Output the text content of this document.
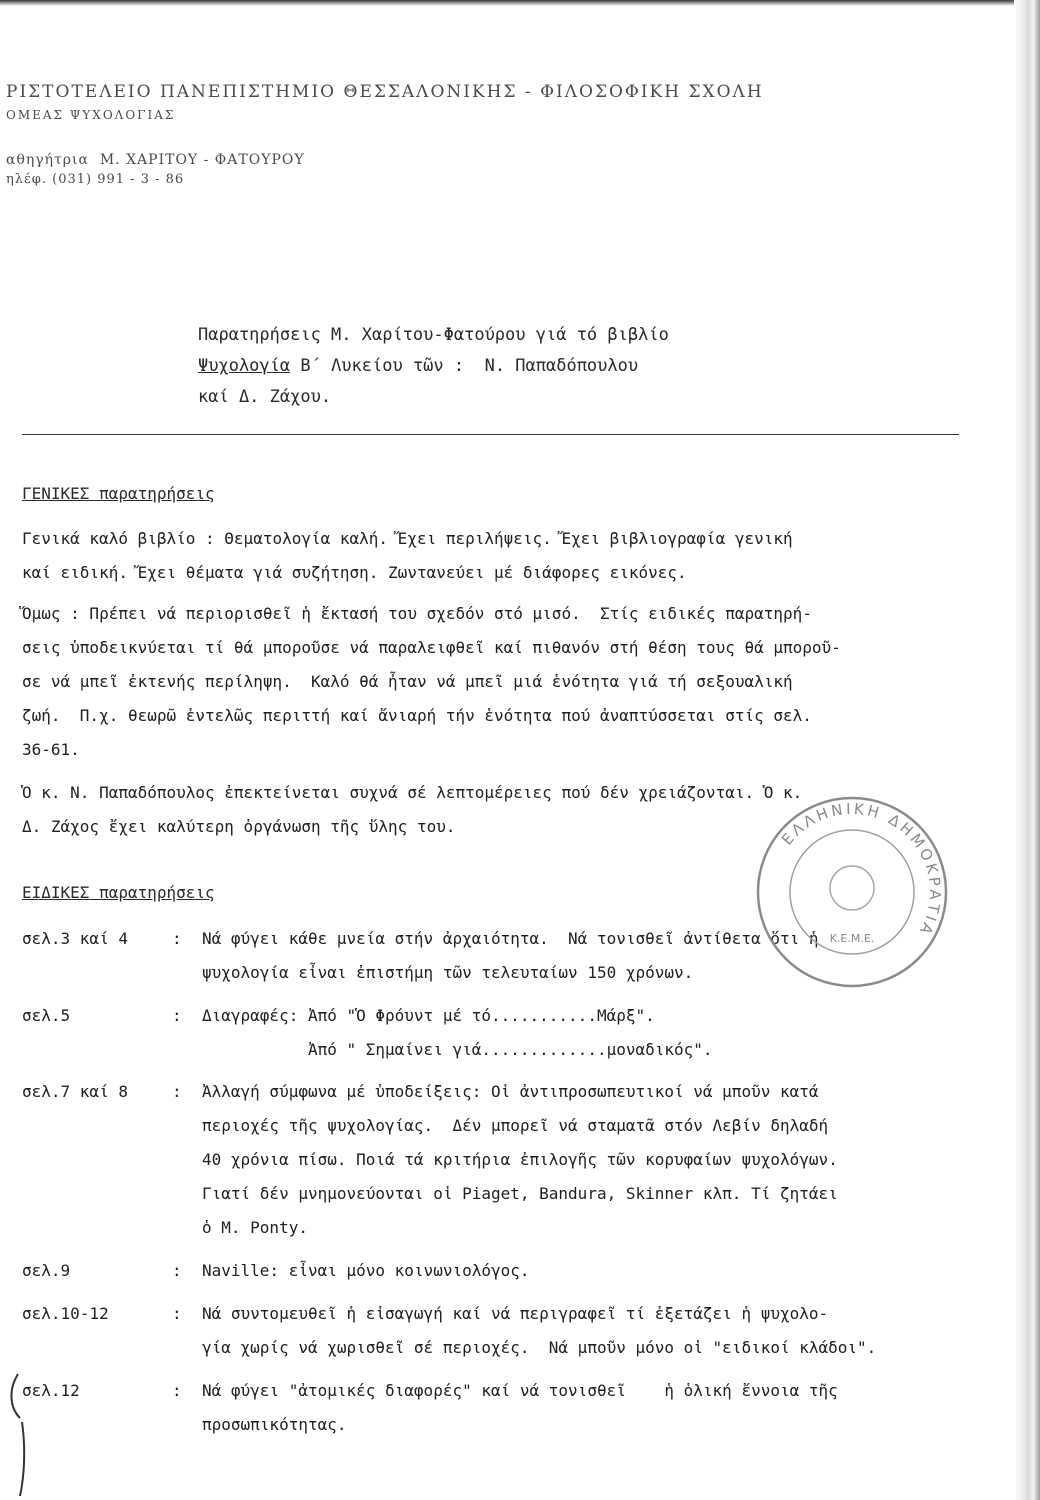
ΡΙΣΤΟΤΕΛΕΙΟ ΠΑΝΕΠΙΣΤΗΜΙΟ ΘΕΣΣΑΛΟΝΙΚΗΣ - ΦΙΛΟΣΟΦΙΚΗ ΣΧΟΛΗ
ΟΜΕΑΣ ΨΥΧΟΛΟΓΙΑΣ
αθηγήτρια  Μ. ΧΑΡΙΤΟΥ - ΦΑΤΟΥΡΟΥ
ηλέφ. (031) 991 - 3 - 86
Παρατηρήσεις Μ. Χαρίτου-Φατούρου γιά τό βιβλίο
Ψυχολογία Β΄ Λυκείου τῶν :  Ν. Παπαδόπουλου
καί Δ. Ζάχου.
ΓΕΝΙΚΕΣ παρατηρήσεις
Γενικά καλό βιβλίο : Θεματολογία καλή. Ἔχει περιλήψεις. Ἔχει βιβλιογραφία γενική
καί ειδική. Ἔχει θέματα γιά συζήτηση. Ζωντανεύει μέ διάφορες εικόνες.
Ὅμως : Πρέπει νά περιορισθεῖ ἡ ἔκτασή του σχεδόν στό μισό.  Στίς ειδικές παρατηρή-
σεις ὑποδεικνύεται τί θά μποροῦσε νά παραλειφθεῖ καί πιθανόν στή θέση τους θά μποροῦ-
σε νά μπεῖ ἐκτενής περίληψη.  Καλό θά ἦταν νά μπεῖ μιά ἑνότητα γιά τή σεξουαλική
ζωή.  Π.χ. θεωρῶ ἐντελῶς περιττή καί ἄνιαρή τήν ἑνότητα πού ἀναπτύσσεται στίς σελ.
36-61.
Ὁ κ. Ν. Παπαδόπουλος ἐπεκτείνεται συχνά σέ λεπτομέρειες πού δέν χρειάζονται. Ὁ κ.
Δ. Ζάχος ἔχει καλύτερη ὀργάνωση τῆς ὕλης του.
ΕΙΔΙΚΕΣ παρατηρήσεις
σελ.3 καί 4	: Νά φύγει κάθε μνεία στήν ἀρχαιότητα.  Νά τονισθεῖ ἀντίθετα ὅτι ἡ
ψυχολογία εἶναι ἐπιστήμη τῶν τελευταίων 150 χρόνων.
σελ.5	: Διαγραφές: Ἀπό "Ὁ Φρόυντ μέ τό...........Μάρξ".
Ἀπό " Σημαίνει γιά.............μοναδικός".
σελ.7 καί 8	: Ἀλλαγή σύμφωνα μέ ὑποδείξεις: Οἱ ἀντιπροσωπευτικοί νά μποῦν κατά
περιοχές τῆς ψυχολογίας.  Δέν μπορεῖ νά σταματᾶ στόν Λεβίν δηλαδή
40 χρόνια πίσω. Ποιά τά κριτήρια ἐπιλογῆς τῶν κορυφαίων ψυχολόγων.
Γιατί δέν μνημονεύονται οἱ Piaget, Bandura, Skinner κλπ. Τί ζητάει
ὁ M. Ponty.
σελ.9	: Naville: εἶναι μόνο κοινωνιολόγος.
σελ.10-12	: Νά συντομευθεῖ ἡ εἰσαγωγή καί νά περιγραφεῖ τί ἐξετάζει ἡ ψυχολο-
γία χωρίς νά χωρισθεῖ σέ περιοχές.  Νά μποῦν μόνο οἱ "ειδικοί κλάδοι".
σελ.12	: Νά φύγει "ἀτομικές διαφορές" καί νά τονισθεῖ    ἡ ὁλική ἔννοια τῆς
προσωπικότητας.
ΕΛΛΗΝΙΚΗ ΔΗΜΟΚΡΑΤΙΑ
Κ.Ε.Μ.Ε.
